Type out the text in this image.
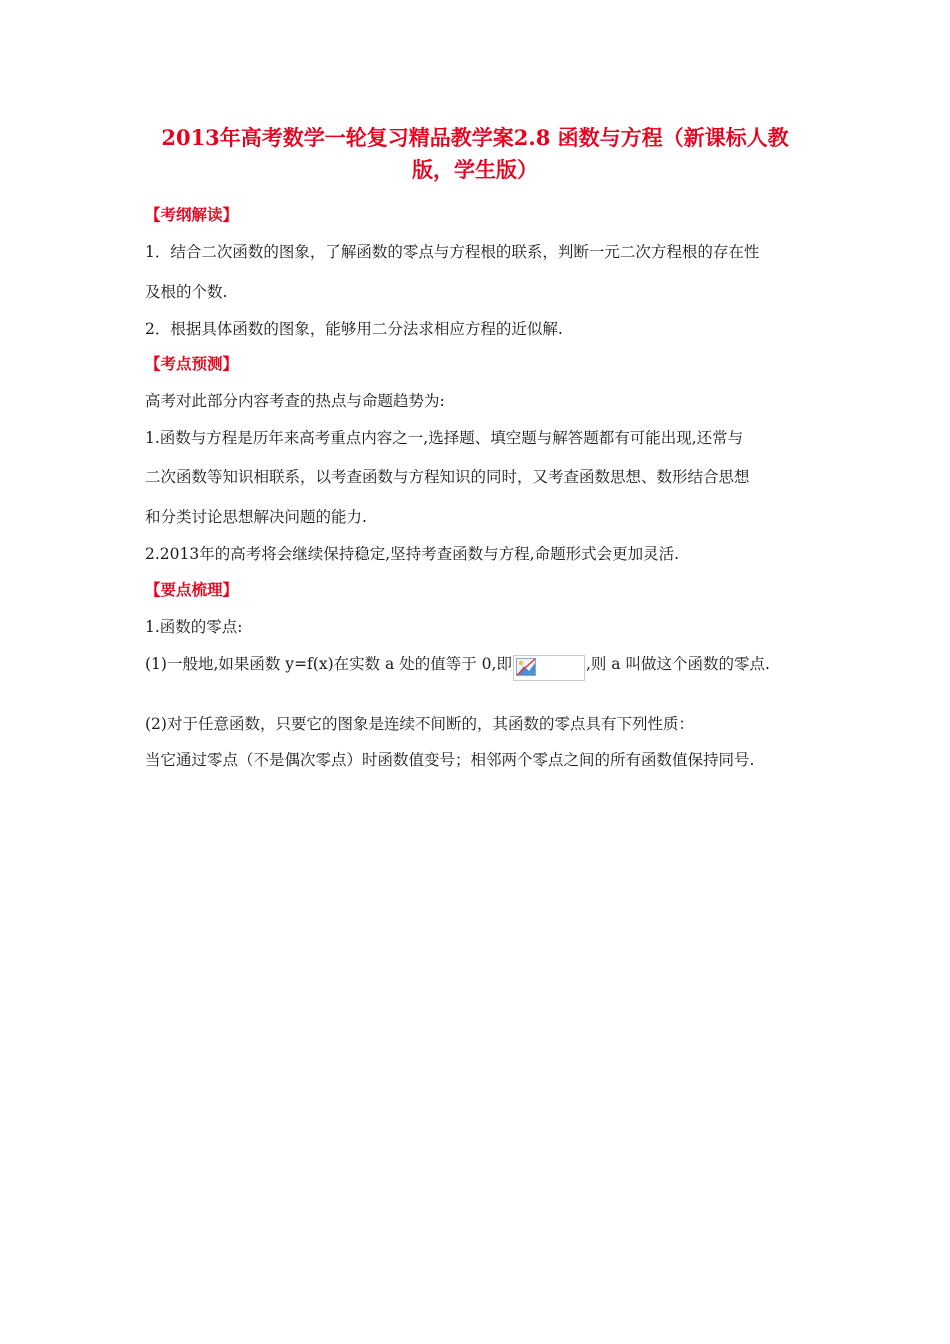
2013年高考数学一轮复习精品教学案2.8 函数与方程（新课标人教
版，学生版）
【考纲解读】
1．结合二次函数的图象，了解函数的零点与方程根的联系，判断一元二次方程根的存在性
及根的个数.
2．根据具体函数的图象，能够用二分法求相应方程的近似解.
【考点预测】
高考对此部分内容考查的热点与命题趋势为:
1.函数与方程是历年来高考重点内容之一,选择题、填空题与解答题都有可能出现,还常与
二次函数等知识相联系，以考查函数与方程知识的同时，又考查函数思想、数形结合思想
和分类讨论思想解决问题的能力.
2.2013年的高考将会继续保持稳定,坚持考查函数与方程,命题形式会更加灵活.
【要点梳理】
1.函数的零点:
(1)一般地,如果函数 y=f(x)在实数 a 处的值等于 0,即	,则 a 叫做这个函数的零点.
(2)对于任意函数，只要它的图象是连续不间断的，其函数的零点具有下列性质：
当它通过零点（不是偶次零点）时函数值变号；相邻两个零点之间的所有函数值保持同号.
